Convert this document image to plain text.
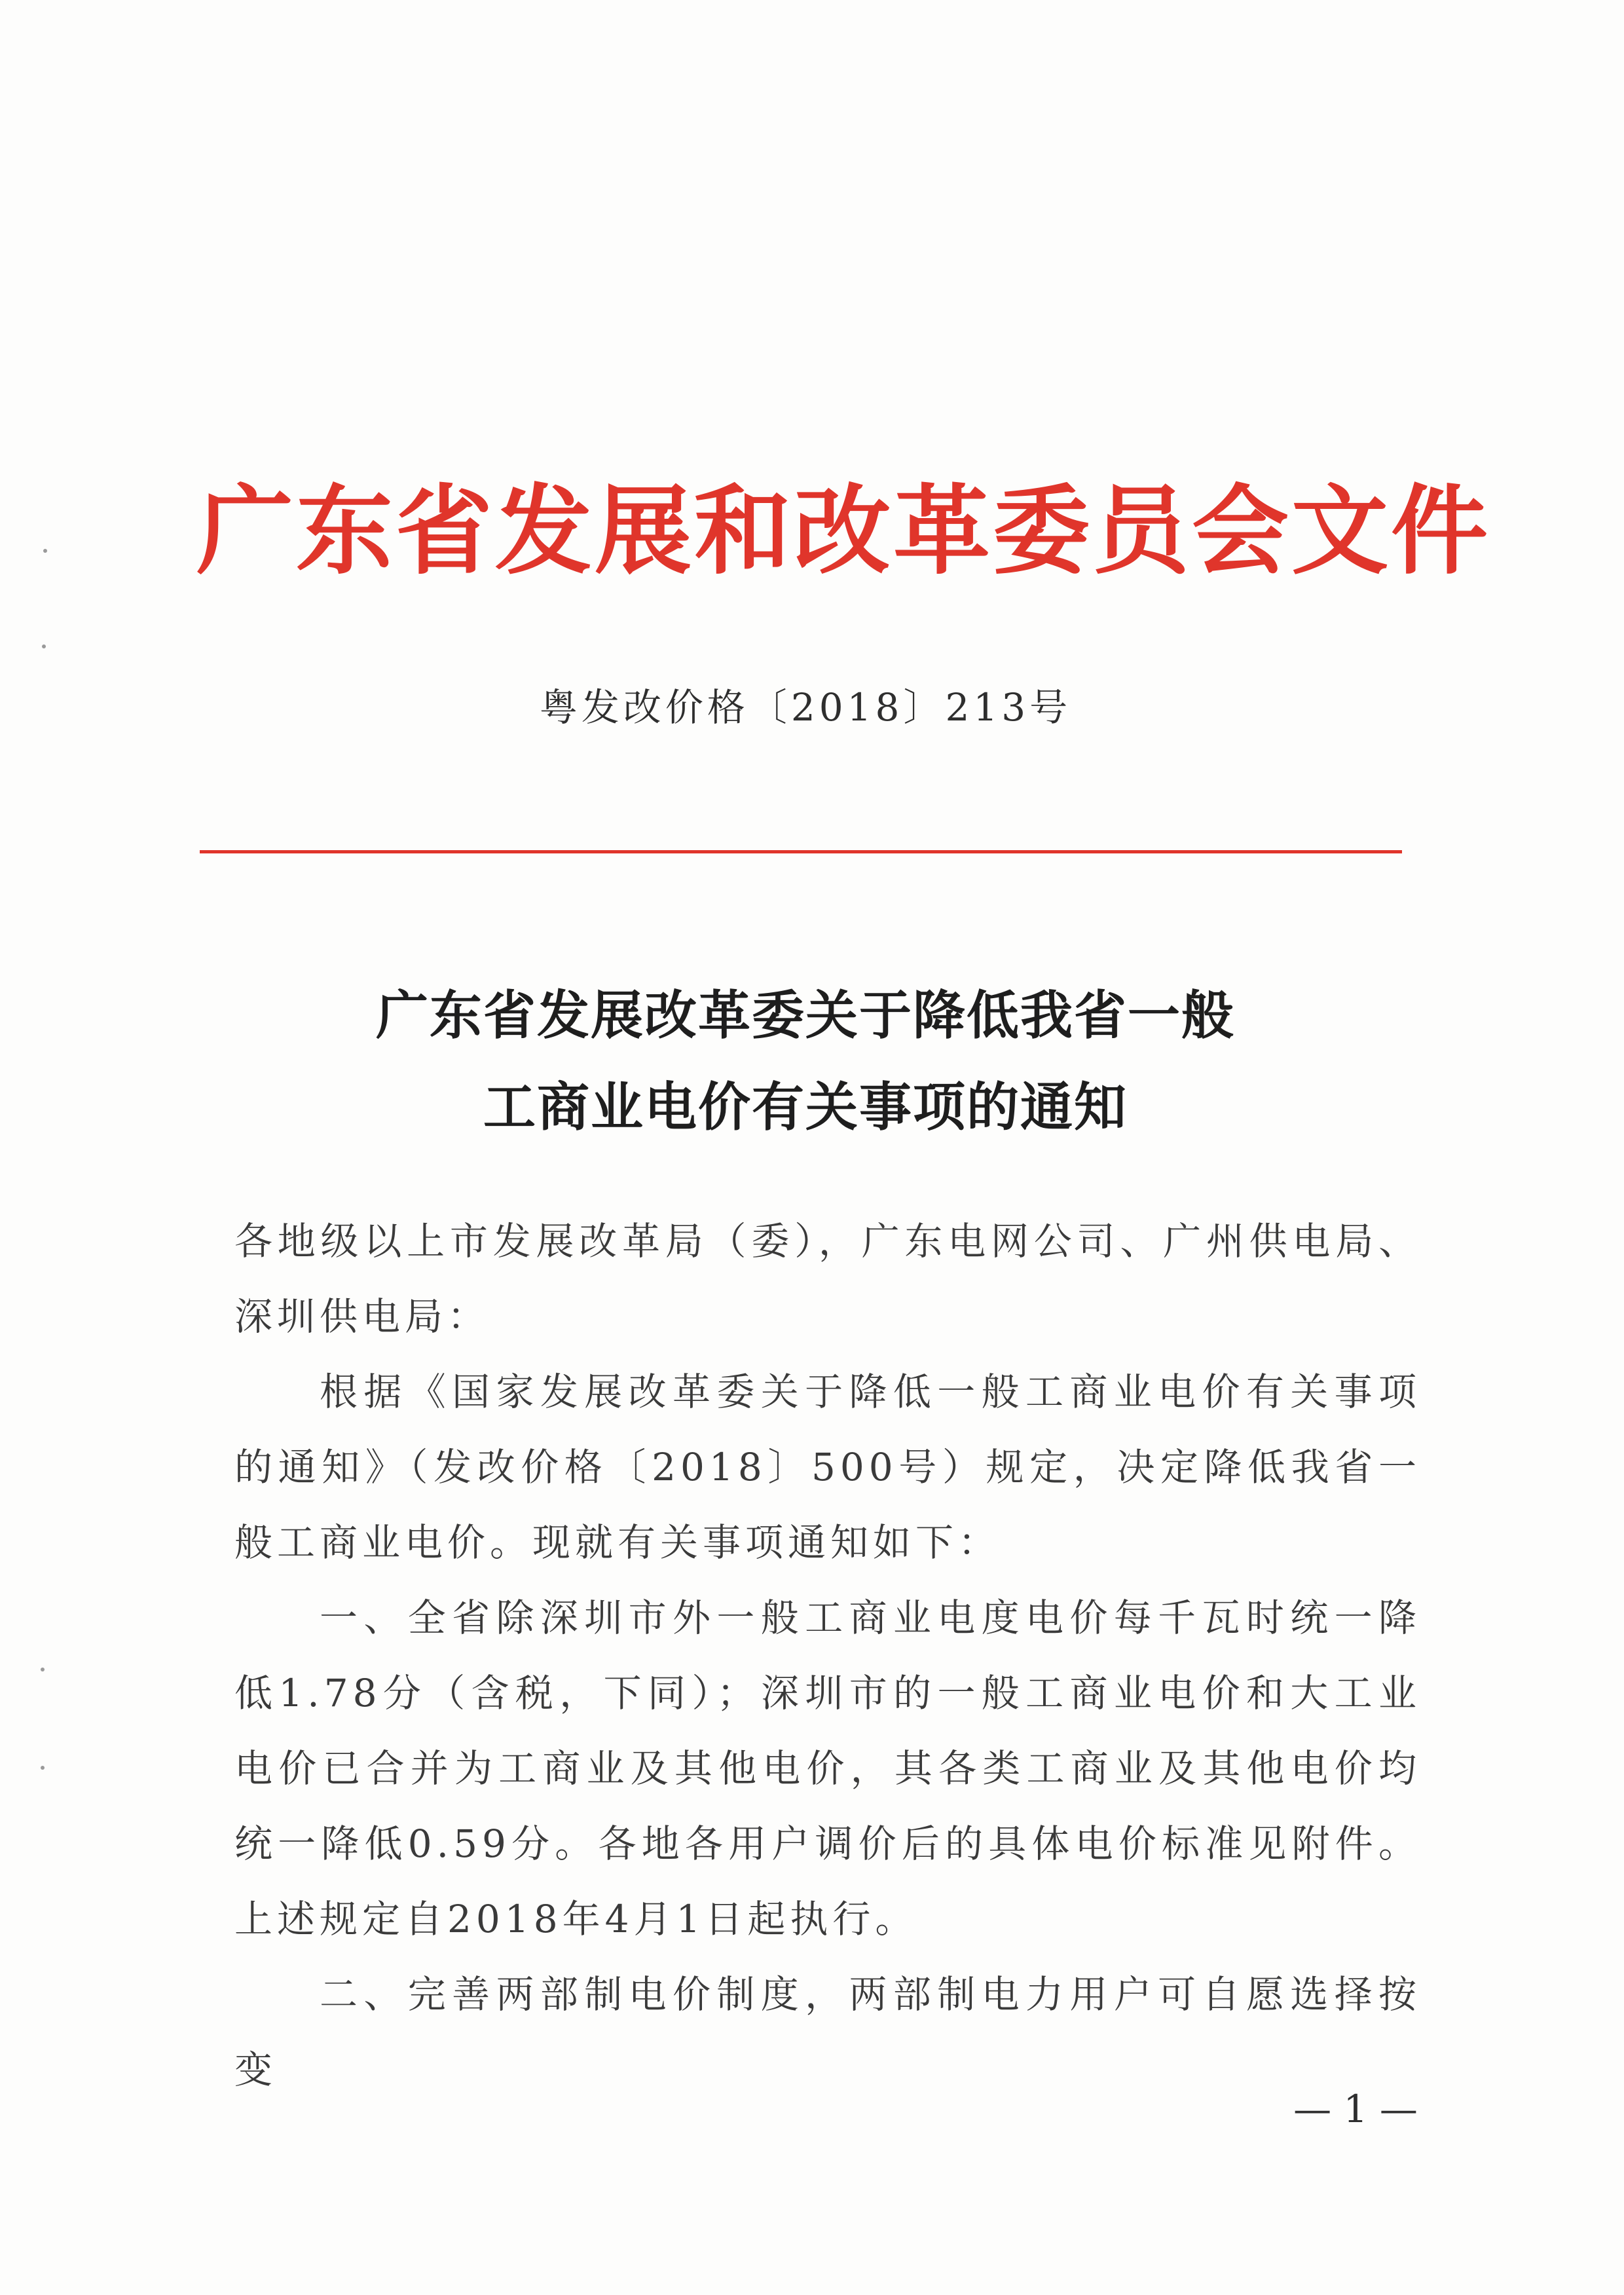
广东省发展和改革委员会文件
粤发改价格〔2018〕213号
广东省发展改革委关于降低我省一般
工商业电价有关事项的通知

各地级以上市发展改革局（委），广东电网公司、广州供电局、深圳供电局：

根据《国家发展改革委关于降低一般工商业电价有关事项的通知》（发改价格〔2018〕500号）规定，决定降低我省一般工商业电价。现就有关事项通知如下：

一、全省除深圳市外一般工商业电度电价每千瓦时统一降低1.78分（含税，下同）；深圳市的一般工商业电价和大工业电价已合并为工商业及其他电价，其各类工商业及其他电价均统一降低0.59分。各地各用户调价后的具体电价标准见附件。上述规定自2018年4月1日起执行。

二、完善两部制电价制度，两部制电力用户可自愿选择按变

— 1 —
